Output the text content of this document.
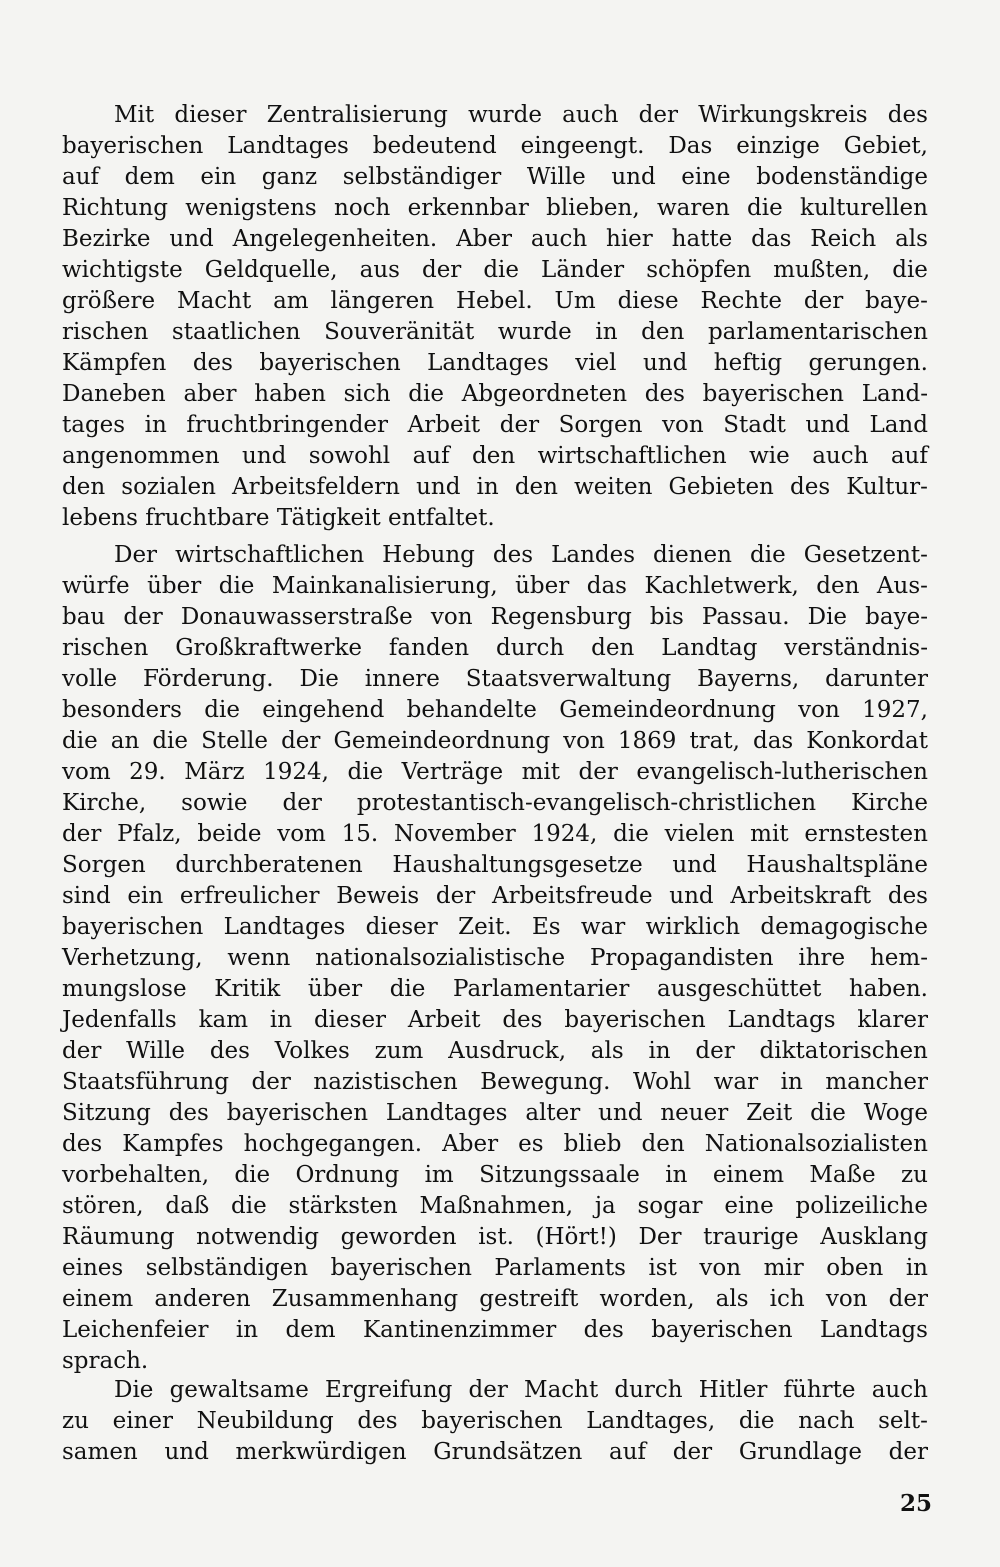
Mit dieser Zentralisierung wurde auch der Wirkungskreis des
bayerischen Landtages bedeutend eingeengt. Das einzige Gebiet,
auf dem ein ganz selbständiger Wille und eine bodenständige
Richtung wenigstens noch erkennbar blieben, waren die kulturellen
Bezirke und Angelegenheiten. Aber auch hier hatte das Reich als
wichtigste Geldquelle, aus der die Länder schöpfen mußten, die
größere Macht am längeren Hebel. Um diese Rechte der baye-
rischen staatlichen Souveränität wurde in den parlamentarischen
Kämpfen des bayerischen Landtages viel und heftig gerungen.
Daneben aber haben sich die Abgeordneten des bayerischen Land-
tages in fruchtbringender Arbeit der Sorgen von Stadt und Land
angenommen und sowohl auf den wirtschaftlichen wie auch auf
den sozialen Arbeitsfeldern und in den weiten Gebieten des Kultur-
lebens fruchtbare Tätigkeit entfaltet.
Der wirtschaftlichen Hebung des Landes dienen die Gesetzent-
würfe über die Mainkanalisierung, über das Kachletwerk, den Aus-
bau der Donauwasserstraße von Regensburg bis Passau. Die baye-
rischen Großkraftwerke fanden durch den Landtag verständnis-
volle Förderung. Die innere Staatsverwaltung Bayerns, darunter
besonders die eingehend behandelte Gemeindeordnung von 1927,
die an die Stelle der Gemeindeordnung von 1869 trat, das Konkordat
vom 29. März 1924, die Verträge mit der evangelisch-lutherischen
Kirche, sowie der protestantisch-evangelisch-christlichen Kirche
der Pfalz, beide vom 15. November 1924, die vielen mit ernstesten
Sorgen durchberatenen Haushaltungsgesetze und Haushaltspläne
sind ein erfreulicher Beweis der Arbeitsfreude und Arbeitskraft des
bayerischen Landtages dieser Zeit. Es war wirklich demagogische
Verhetzung, wenn nationalsozialistische Propagandisten ihre hem-
mungslose Kritik über die Parlamentarier ausgeschüttet haben.
Jedenfalls kam in dieser Arbeit des bayerischen Landtags klarer
der Wille des Volkes zum Ausdruck, als in der diktatorischen
Staatsführung der nazistischen Bewegung. Wohl war in mancher
Sitzung des bayerischen Landtages alter und neuer Zeit die Woge
des Kampfes hochgegangen. Aber es blieb den Nationalsozialisten
vorbehalten, die Ordnung im Sitzungssaale in einem Maße zu
stören, daß die stärksten Maßnahmen, ja sogar eine polizeiliche
Räumung notwendig geworden ist. (Hört!) Der traurige Ausklang
eines selbständigen bayerischen Parlaments ist von mir oben in
einem anderen Zusammenhang gestreift worden, als ich von der
Leichenfeier in dem Kantinenzimmer des bayerischen Landtags
sprach.
Die gewaltsame Ergreifung der Macht durch Hitler führte auch
zu einer Neubildung des bayerischen Landtages, die nach selt-
samen und merkwürdigen Grundsätzen auf der Grundlage der
25
